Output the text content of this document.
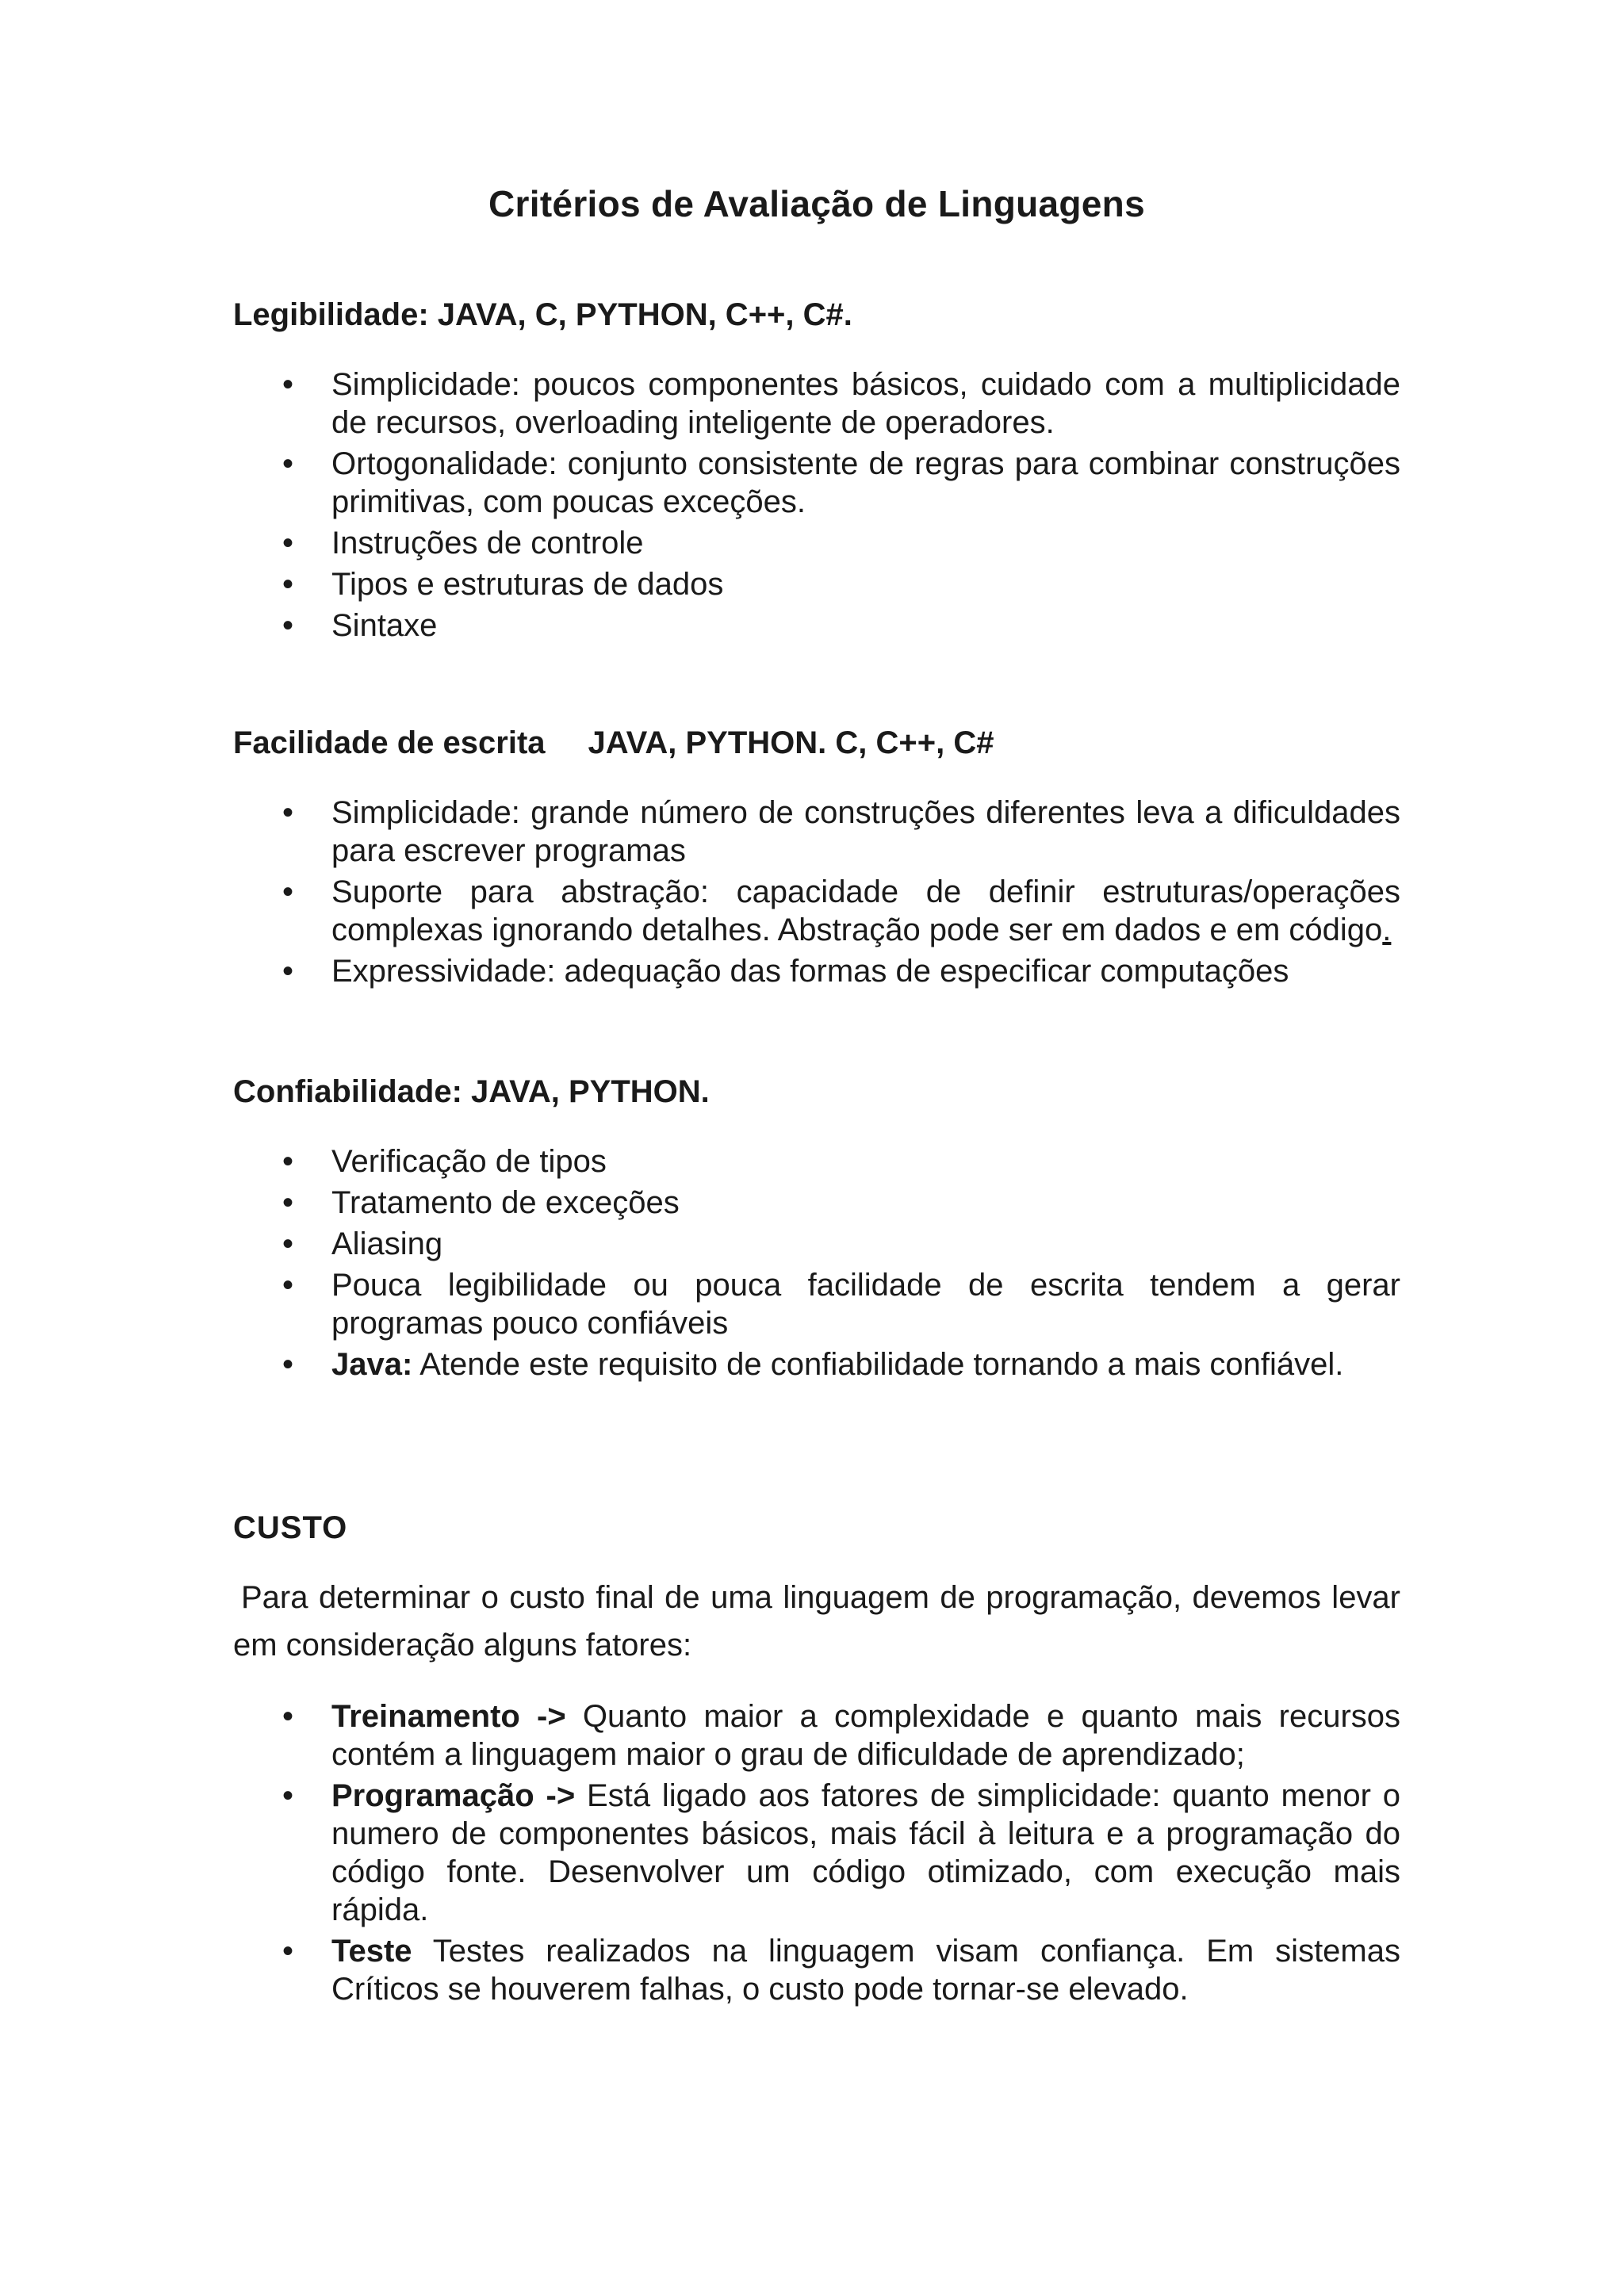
Critérios de Avaliação de Linguagens
Legibilidade: JAVA, C, PYTHON, C++, C#.
• Simplicidade: poucos componentes básicos, cuidado com a multiplicidade de recursos, overloading inteligente de operadores.
• Ortogonalidade: conjunto consistente de regras para combinar construções primitivas, com poucas exceções.
• Instruções de controle
• Tipos e estruturas de dados
• Sintaxe
Facilidade de escrita JAVA, PYTHON. C, C++, C#
• Simplicidade: grande número de construções diferentes leva a dificuldades para escrever programas
• Suporte para abstração: capacidade de definir estruturas/operações complexas ignorando detalhes. Abstração pode ser em dados e em código.
• Expressividade: adequação das formas de especificar computações
Confiabilidade: JAVA, PYTHON.
• Verificação de tipos
• Tratamento de exceções
• Aliasing
• Pouca legibilidade ou pouca facilidade de escrita tendem a gerar programas pouco confiáveis
• Java: Atende este requisito de confiabilidade tornando a mais confiável.
CUSTO

Para determinar o custo final de uma linguagem de programação, devemos levar em consideração alguns fatores:

• Treinamento -> Quanto maior a complexidade e quanto mais recursos contém a linguagem maior o grau de dificuldade de aprendizado;
• Programação -> Está ligado aos fatores de simplicidade: quanto menor o numero de componentes básicos, mais fácil à leitura e a programação do código fonte. Desenvolver um código otimizado, com execução mais rápida.
• Teste Testes realizados na linguagem visam confiança. Em sistemas Críticos se houverem falhas, o custo pode tornar-se elevado.
